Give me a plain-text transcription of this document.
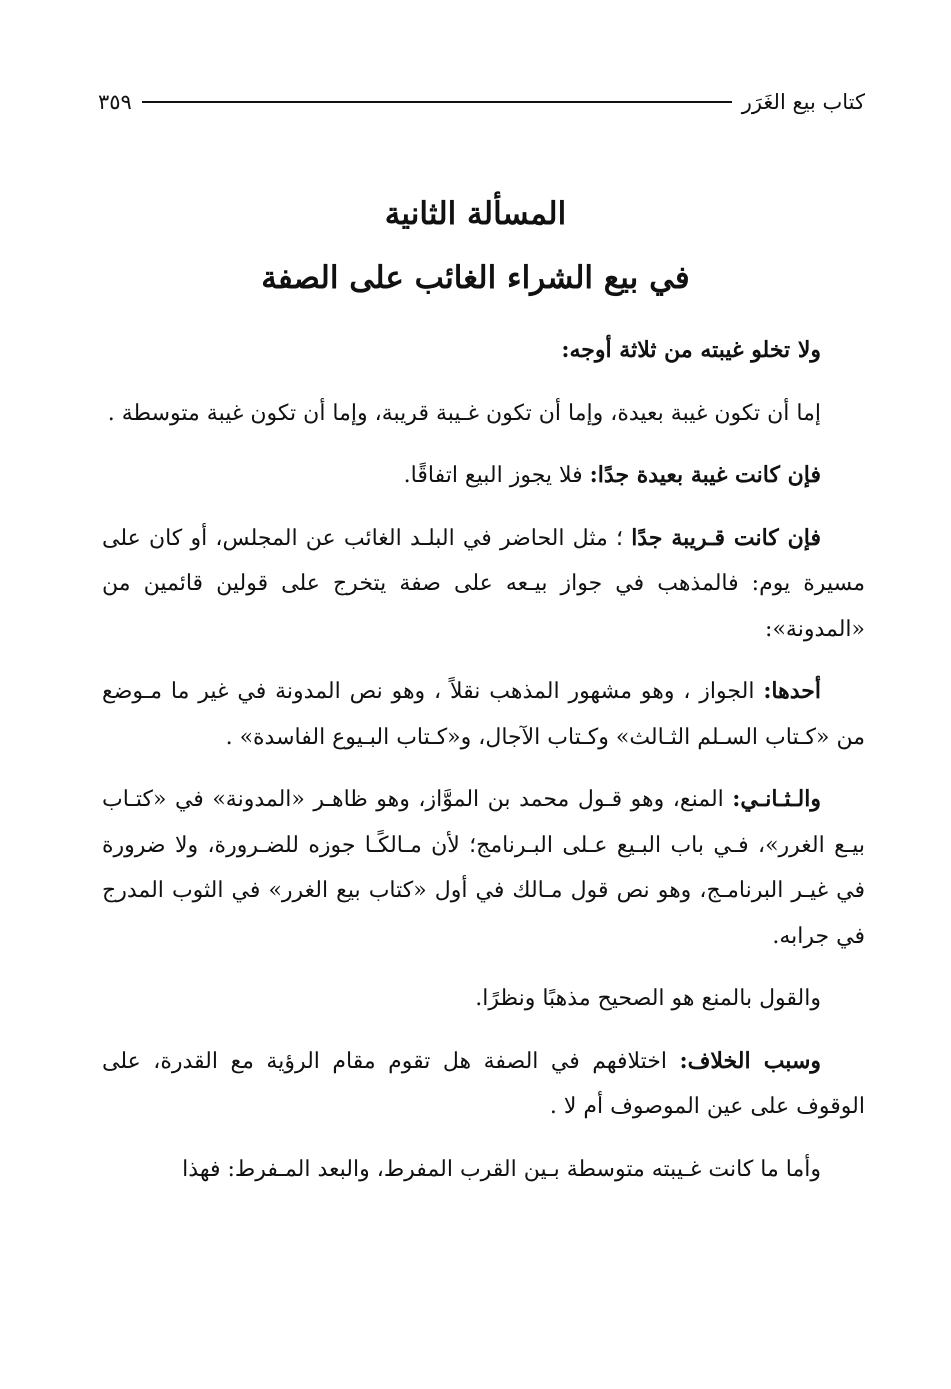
كتاب بيع الغَرَر
٣٥٩
المسألة الثانية
في بيع الشراء الغائب على الصفة

ولا تخلو غيبته من ثلاثة أوجه:

إما أن تكون غيبة بعيدة، وإما أن تكون غـيبة قريبة، وإما أن تكون غيبة متوسطة .

فإن كانت غيبة بعيدة جدًا: فلا يجوز البيع اتفاقًا.

فإن كانت قـريبة جدًا ؛ مثل الحاضر في البلـد الغائب عن المجلس، أو كان على مسيرة يوم: فالمذهب في جواز بيـعه على صفة يتخرج على قولين قائمين من «المدونة»:

أحدها: الجواز ، وهو مشهور المذهب نقلاً ، وهو نص المدونة في غير ما مـوضع من «كـتاب السـلم الثـالث» وكـتاب الآجال، و«كـتاب البـيوع الفاسدة» .

والـثـانـي: المنع، وهو قـول محمد بن الموَّاز، وهو ظاهـر «المدونة» في «كتـاب بيـع الغرر»، فـي باب البـيع عـلى البـرنامج؛ لأن مـالكًـا جوزه للضـرورة، ولا ضرورة في غيـر البرنامـج، وهو نص قول مـالك في أول «كتاب بيع الغرر» في الثوب المدرج في جرابه.

والقول بالمنع هو الصحيح مذهبًا ونظرًا.

وسبب الخلاف: اختلافهم في الصفة هل تقوم مقام الرؤية مع القدرة، على الوقوف على عين الموصوف أم لا .

وأما ما كانت غـيبته متوسطة بـين القرب المفرط، والبعد المـفرط: فهذا
